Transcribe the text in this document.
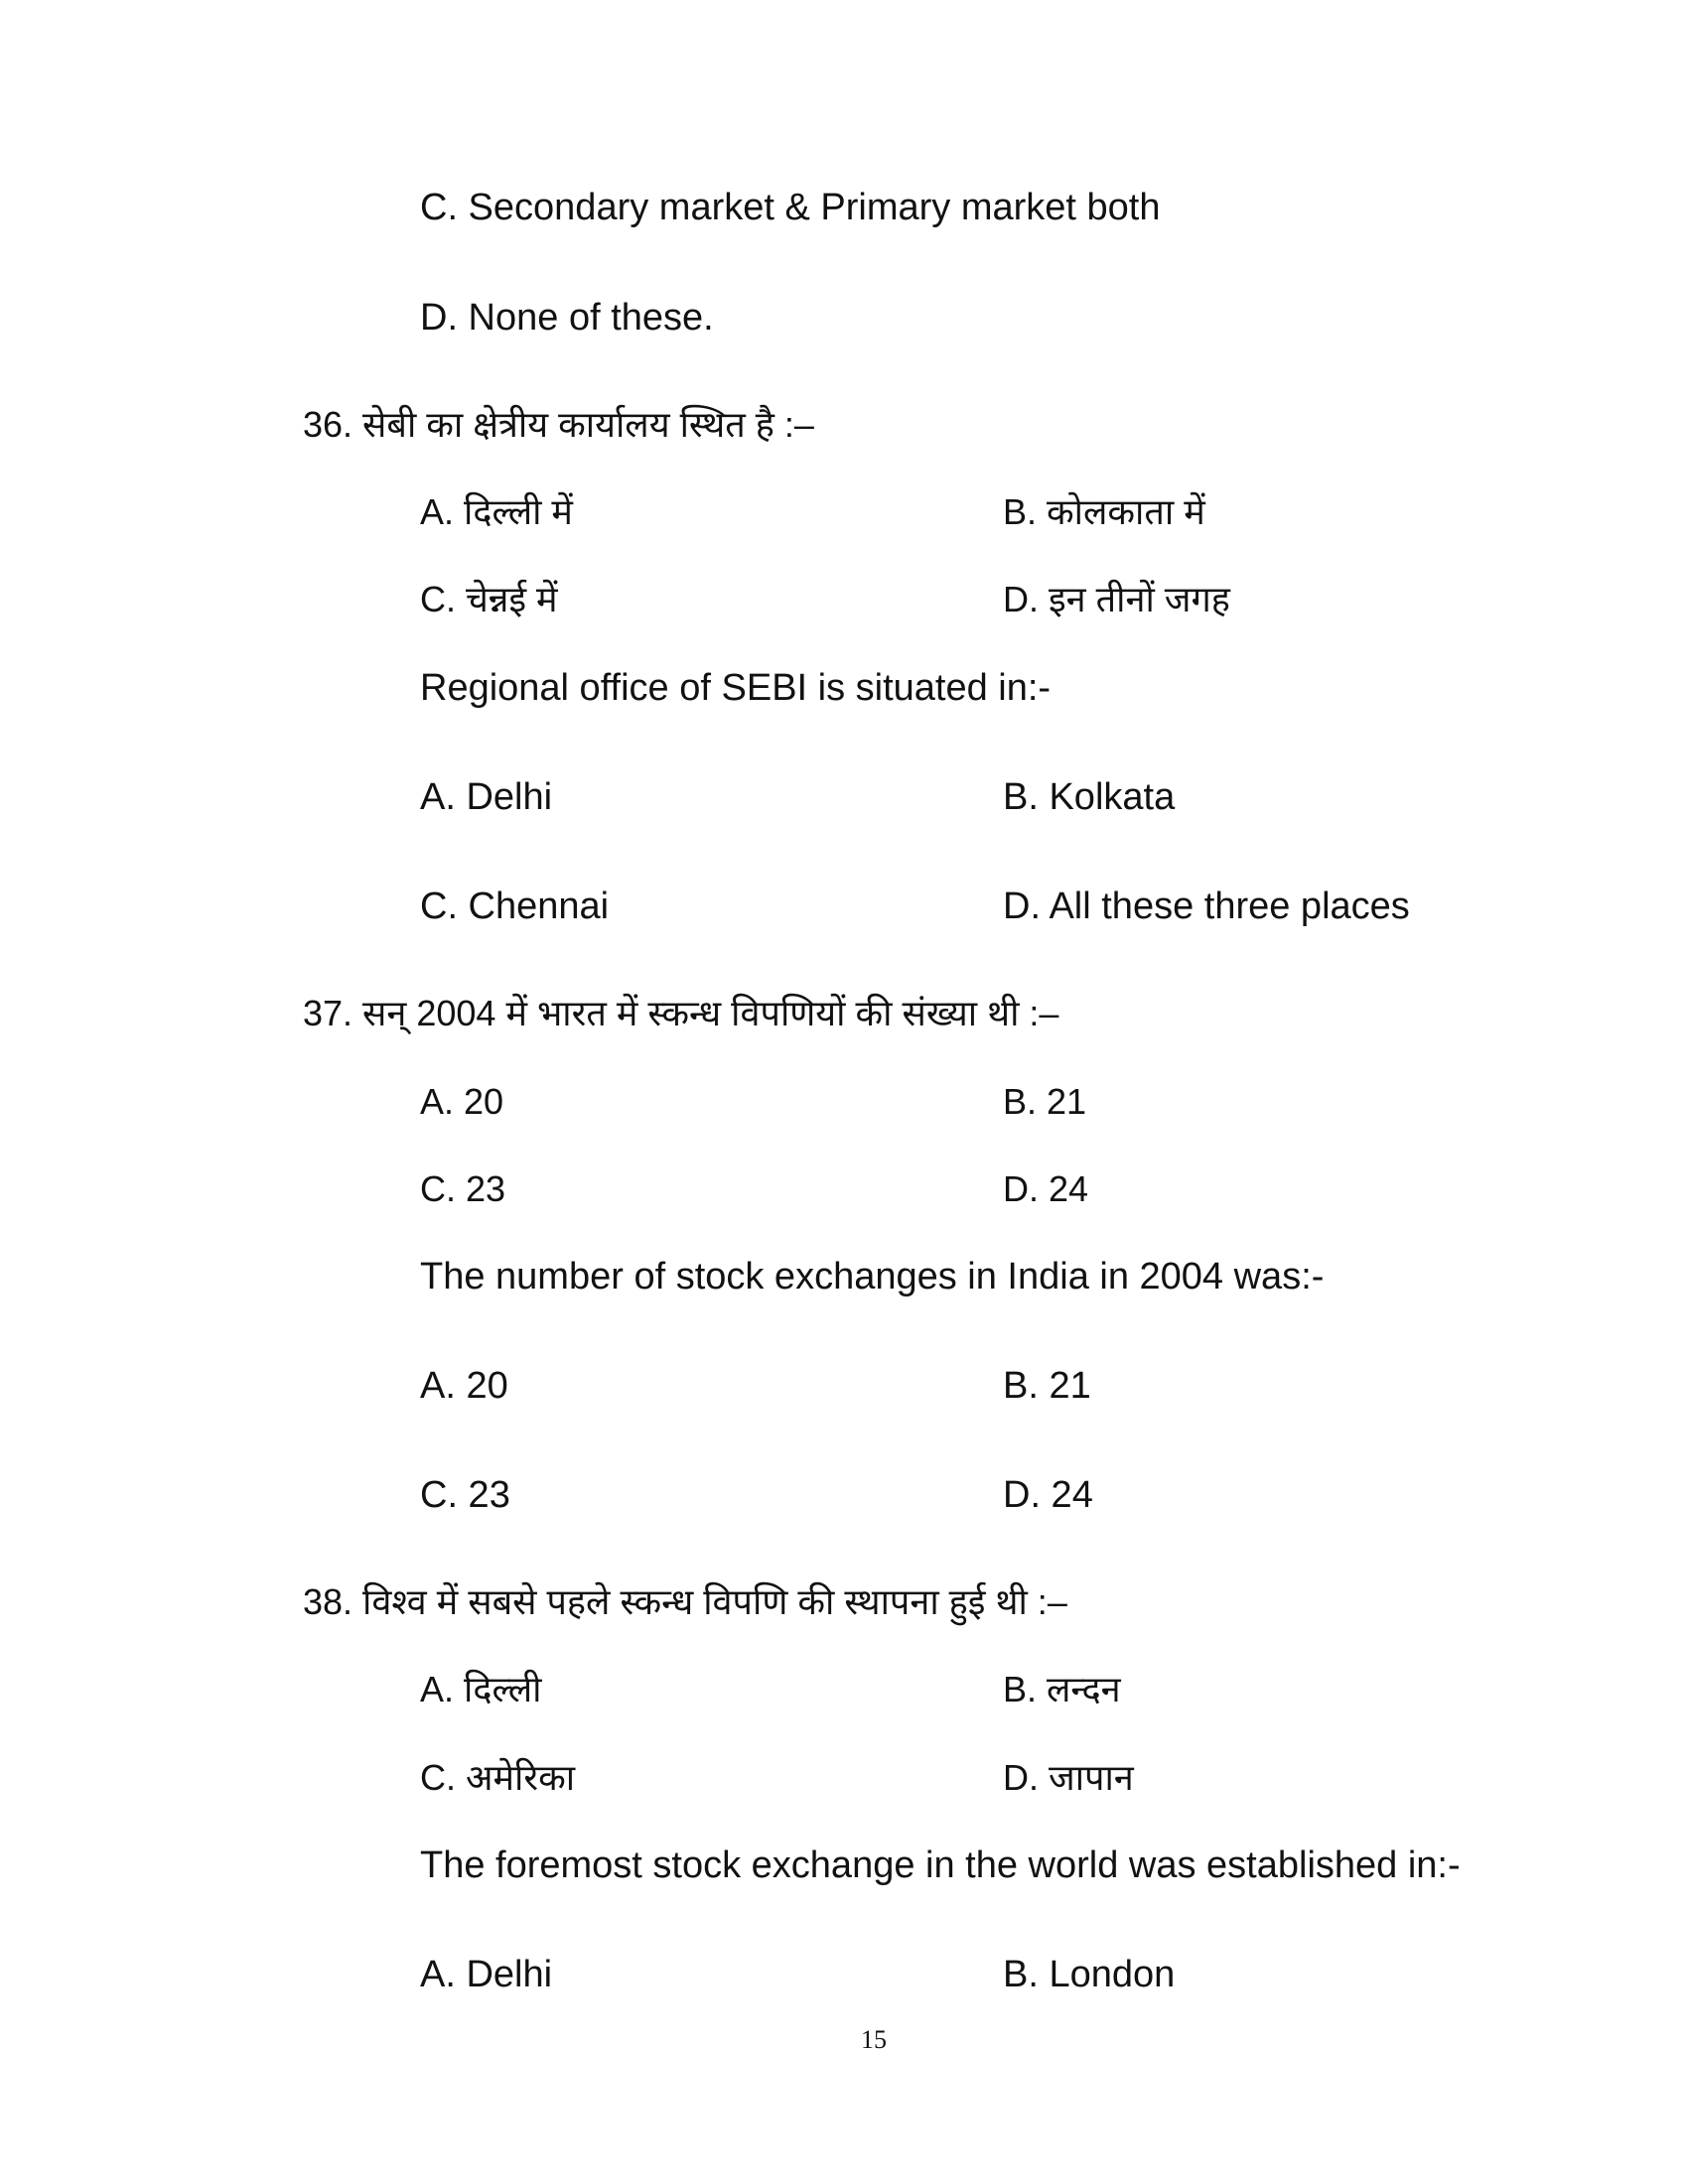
C. Secondary market & Primary market both
D. None of these.
36. सेबी का क्षेत्रीय कार्यालय स्थित है :–
A. दिल्ली में	B. कोलकाता में
C. चेन्नई में	D. इन तीनों जगह
Regional office of SEBI is situated in:-
A. Delhi	B. Kolkata
C. Chennai	D. All these three places
37. सन् 2004 में भारत में स्कन्ध विपणियों की संख्या थी :–
A. 20	B. 21
C. 23	D. 24
The number of stock exchanges in India in 2004 was:-
A. 20	B. 21
C. 23	D. 24
38. विश्व में सबसे पहले स्कन्ध विपणि की स्थापना हुई थी :–
A. दिल्ली	B. लन्दन
C. अमेरिका	D. जापान
The foremost stock exchange in the world was established in:-
A. Delhi	B. London
15
